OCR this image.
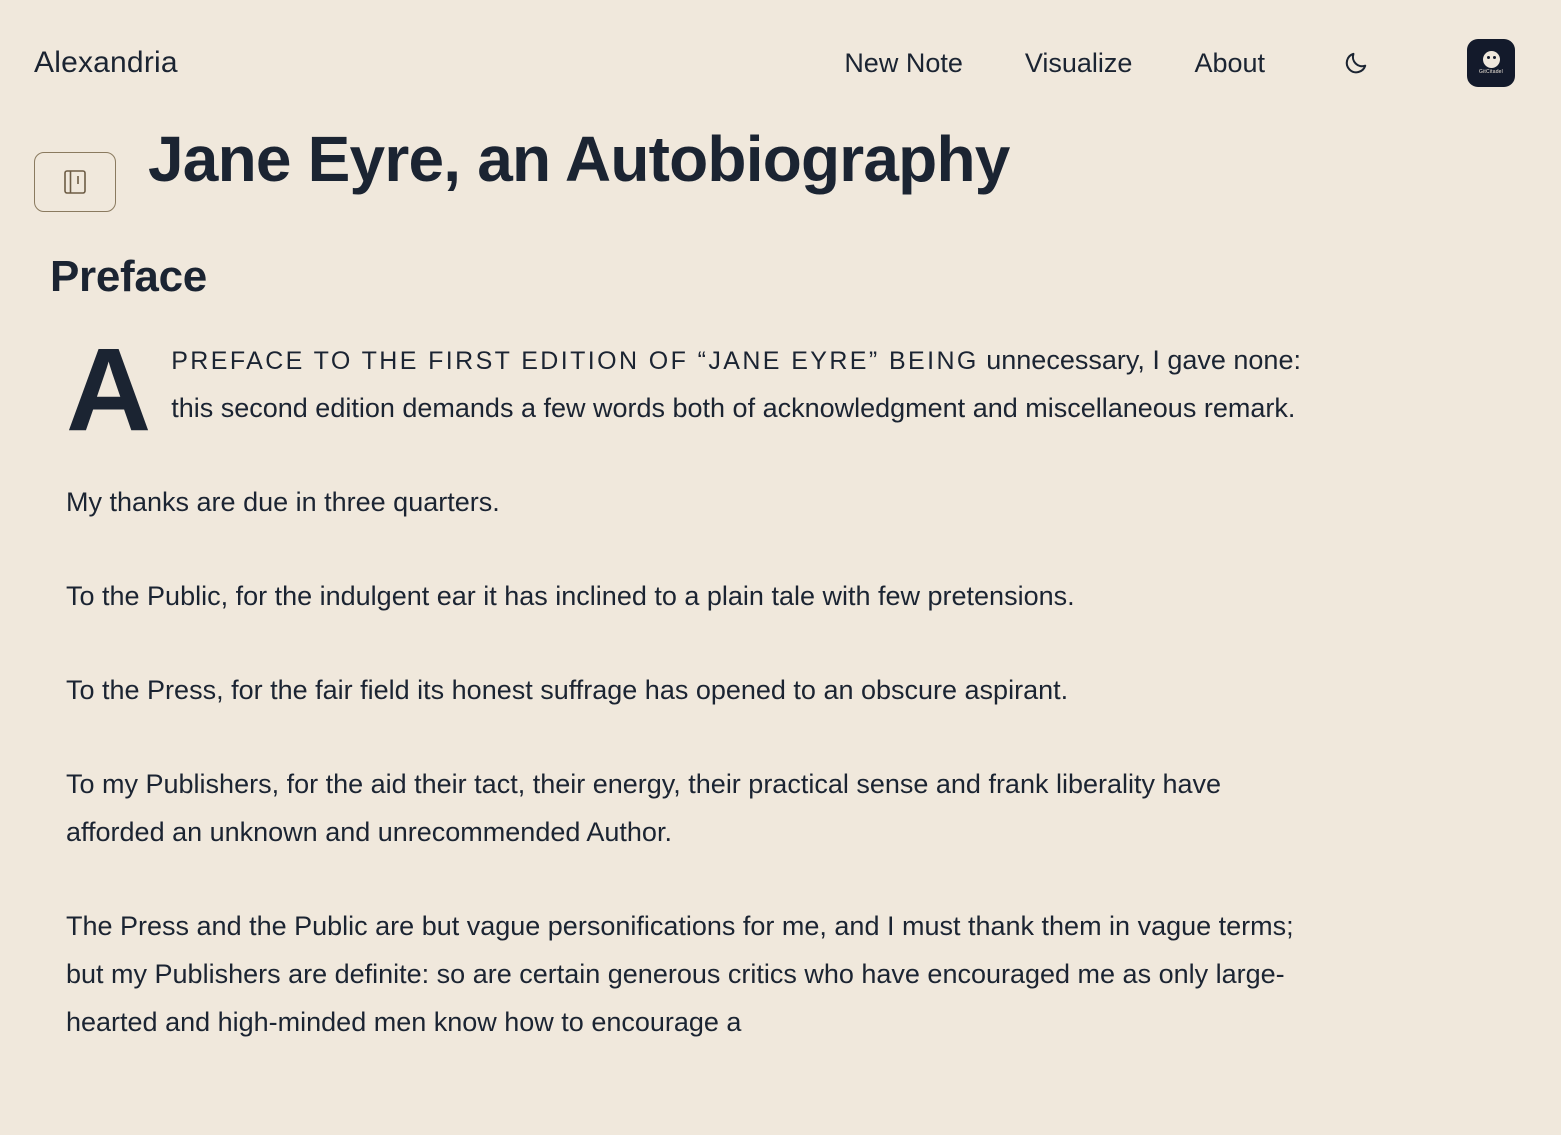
Alexandria	New Note Visualize About	GitCitadel
Jane Eyre, an Autobiography
Preface

APREFACE TO THE FIRST EDITION OF “JANE EYRE” BEING unnecessary, I gave none: this second edition demands a few words both of acknowledgment and miscellaneous remark.

My thanks are due in three quarters.

To the Public, for the indulgent ear it has inclined to a plain tale with few pretensions.

To the Press, for the fair field its honest suffrage has opened to an obscure aspirant.

To my Publishers, for the aid their tact, their energy, their practical sense and frank liberality have afforded an unknown and unrecommended Author.

The Press and the Public are but vague personifications for me, and I must thank them in vague terms; but my Publishers are definite: so are certain generous critics who have encouraged me as only large-hearted and high-minded men know how to encourage a
